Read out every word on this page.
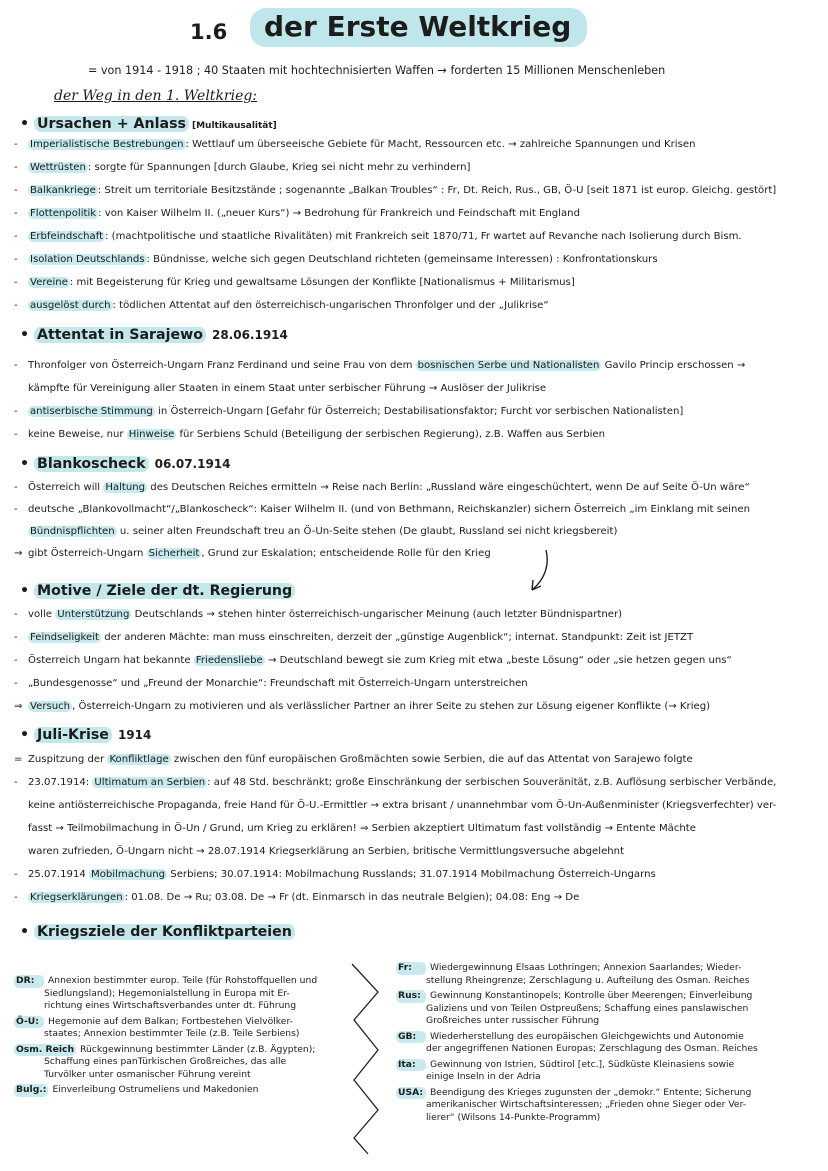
1.6	der Erste Weltkrieg
= von 1914 - 1918 ; 40 Staaten mit hochtechnisierten Waffen → forderten 15 Millionen Menschenleben
der Weg in den 1. Weltkrieg:
• Ursachen + Anlass [Multikausalität]
- Imperialistische Bestrebungen : Wettlauf um überseeische Gebiete für Macht, Ressourcen etc. → zahlreiche Spannungen und Krisen
- Wettrüsten : sorgte für Spannungen [durch Glaube, Krieg sei nicht mehr zu verhindern]
- Balkankriege : Streit um territoriale Besitzstände ; sogenannte „Balkan Troubles“ : Fr, Dt. Reich, Rus., GB, Ö-U [seit 1871 ist europ. Gleichg. gestört]
- Flottenpolitik : von Kaiser Wilhelm II. („neuer Kurs“) → Bedrohung für Frankreich und Feindschaft mit England
- Erbfeindschaft : (machtpolitische und staatliche Rivalitäten) mit Frankreich seit 1870/71, Fr wartet auf Revanche nach Isolierung durch Bism.
- Isolation Deutschlands : Bündnisse, welche sich gegen Deutschland richteten (gemeinsame Interessen) : Konfrontationskurs
- Vereine : mit Begeisterung für Krieg und gewaltsame Lösungen der Konflikte [Nationalismus + Militarismus]
- ausgelöst durch : tödlichen Attentat auf den österreichisch-ungarischen Thronfolger und der „Julikrise“
• Attentat in Sarajewo 28.06.1914
- Thronfolger von Österreich-Ungarn Franz Ferdinand und seine Frau von dem bosnischen Serbe und Nationalisten Gavilo Princip erschossen →
kämpfte für Vereinigung aller Staaten in einem Staat unter serbischer Führung → Auslöser der Julikrise
- antiserbische Stimmung in Österreich-Ungarn [Gefahr für Österreich; Destabilisationsfaktor; Furcht vor serbischen Nationalisten]
- keine Beweise, nur Hinweise für Serbiens Schuld (Beteiligung der serbischen Regierung), z.B. Waffen aus Serbien
• Blankoscheck 06.07.1914
- Österreich will Haltung des Deutschen Reiches ermitteln → Reise nach Berlin: „Russland wäre eingeschüchtert, wenn De auf Seite Ö-Un wäre“
- deutsche „Blankovollmacht“/„Blankoscheck“: Kaiser Wilhelm II. (und von Bethmann, Reichskanzler) sichern Österreich „im Einklang mit seinen
Bündnispflichten u. seiner alten Freundschaft treu an Ö-Un-Seite stehen (De glaubt, Russland sei nicht kriegsbereit)
→ gibt Österreich-Ungarn Sicherheit , Grund zur Eskalation; entscheidende Rolle für den Krieg
• Motive / Ziele der dt. Regierung
- volle Unterstützung Deutschlands → stehen hinter österreichisch-ungarischer Meinung (auch letzter Bündnispartner)
- Feindseligkeit der anderen Mächte: man muss einschreiten, derzeit der „günstige Augenblick“; internat. Standpunkt: Zeit ist JETZT
- Österreich Ungarn hat bekannte Friedensliebe → Deutschland bewegt sie zum Krieg mit etwa „beste Lösung“ oder „sie hetzen gegen uns“
- „Bundesgenosse“ und „Freund der Monarchie“: Freundschaft mit Österreich-Ungarn unterstreichen
⇒ Versuch , Österreich-Ungarn zu motivieren und als verlässlicher Partner an ihrer Seite zu stehen zur Lösung eigener Konflikte (→ Krieg)
• Juli-Krise 1914
= Zuspitzung der Konfliktlage zwischen den fünf europäischen Großmächten sowie Serbien, die auf das Attentat von Sarajewo folgte
- 23.07.1914: Ultimatum an Serbien : auf 48 Std. beschränkt; große Einschränkung der serbischen Souveränität, z.B. Auflösung serbischer Verbände,
keine antiösterreichische Propaganda, freie Hand für Ö-U.-Ermittler → extra brisant / unannehmbar vom Ö-Un-Außenminister (Kriegsverfechter) ver-
fasst → Teilmobilmachung in Ö-Un / Grund, um Krieg zu erklären! ⇒ Serbien akzeptiert Ultimatum fast vollständig → Entente Mächte
waren zufrieden, Ö-Ungarn nicht → 28.07.1914 Kriegserklärung an Serbien, britische Vermittlungsversuche abgelehnt
- 25.07.1914 Mobilmachung Serbiens; 30.07.1914: Mobilmachung Russlands; 31.07.1914 Mobilmachung Österreich-Ungarns
- Kriegserklärungen : 01.08. De → Ru; 03.08. De → Fr (dt. Einmarsch in das neutrale Belgien); 04.08: Eng → De
• Kriegsziele der Konfliktparteien
DR: Annexion bestimmter europ. Teile (für Rohstoffquellen und
Siedlungsland); Hegemonialstellung in Europa mit Er-
richtung eines Wirtschaftsverbandes unter dt. Führung
Ö-U: Hegemonie auf dem Balkan; Fortbestehen Vielvölker-
staates; Annexion bestimmter Teile (z.B. Teile Serbiens)
Osm. Reich Rückgewinnung bestimmter Länder (z.B. Ägypten);
Schaffung eines panTürkischen Großreiches, das alle
Turvölker unter osmanischer Führung vereint
Bulg.: Einverleibung Ostrumeliens und Makedonien
Fr: Wiedergewinnung Elsaas Lothringen; Annexion Saarlandes; Wieder-
stellung Rheingrenze; Zerschlagung u. Aufteilung des Osman. Reiches
Rus: Gewinnung Konstantinopels; Kontrolle über Meerengen; Einverleibung
Galiziens und von Teilen Ostpreußens; Schaffung eines panslawischen
Großreiches unter russischer Führung
GB: Wiederherstellung des europäischen Gleichgewichts und Autonomie
der angegriffenen Nationen Europas; Zerschlagung des Osman. Reiches
Ita: Gewinnung von Istrien, Südtirol [etc.], Südküste Kleinasiens sowie
einige Inseln in der Adria
USA: Beendigung des Krieges zugunsten der „demokr.“ Entente; Sicherung
amerikanischer Wirtschaftsinteressen; „Frieden ohne Sieger oder Ver-
lierer“ (Wilsons 14-Punkte-Programm)
